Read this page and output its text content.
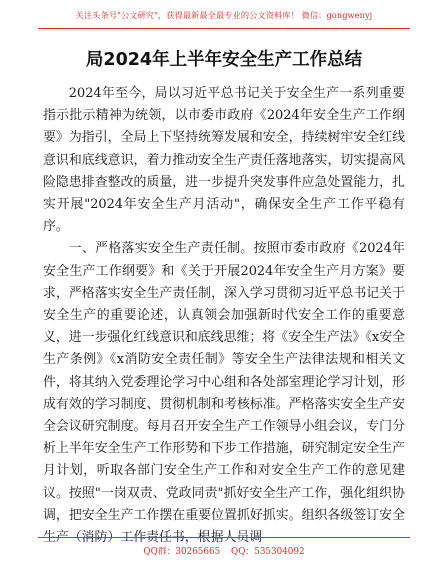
关注头条号"公文研究"，获得最新最全最专业的公文资料库！ 微信：gongwenyj
局2024年上半年安全生产工作总结

2024年至今，局以习近平总书记关于安全生产一系列重要指示批示精神为统领，以市委市政府《2024年安全生产工作纲要》为指引，全局上下坚持统筹发展和安全，持续树牢安全红线意识和底线意识，着力推动安全生产责任落地落实，切实提高风险隐患排查整改的质量，进一步提升突发事件应急处置能力，扎实开展"2024年安全生产月活动"，确保安全生产工作平稳有序。

一、严格落实安全生产责任制。按照市委市政府《2024年安全生产工作纲要》和《关于开展2024年安全生产月方案》要求，严格落实安全生产责任制，深入学习贯彻习近平总书记关于安全生产的重要论述，认真领会加强新时代安全工作的重要意义，进一步强化红线意识和底线思维；将《安全生产法》《x安全生产条例》《x消防安全责任制》等安全生产法律法规和相关文件，将其纳入党委理论学习中心组和各处部室理论学习计划，形成有效的学习制度、贯彻机制和考核标准。严格落实安全生产安全会议研究制度。每月召开安全生产工作领导小组会议，专门分析上半年安全生产工作形势和下步工作措施，研究制定安全生产月计划，听取各部门安全生产工作和对安全生产工作的意见建议。按照"一岗双责、党政同责"抓好安全生产工作，强化组织协调，把安全生产工作摆在重要位置抓好抓实。组织各级签订安全生产（消防）工作责任书，根据人员调

QQ群：30265665 QQ：535304092
